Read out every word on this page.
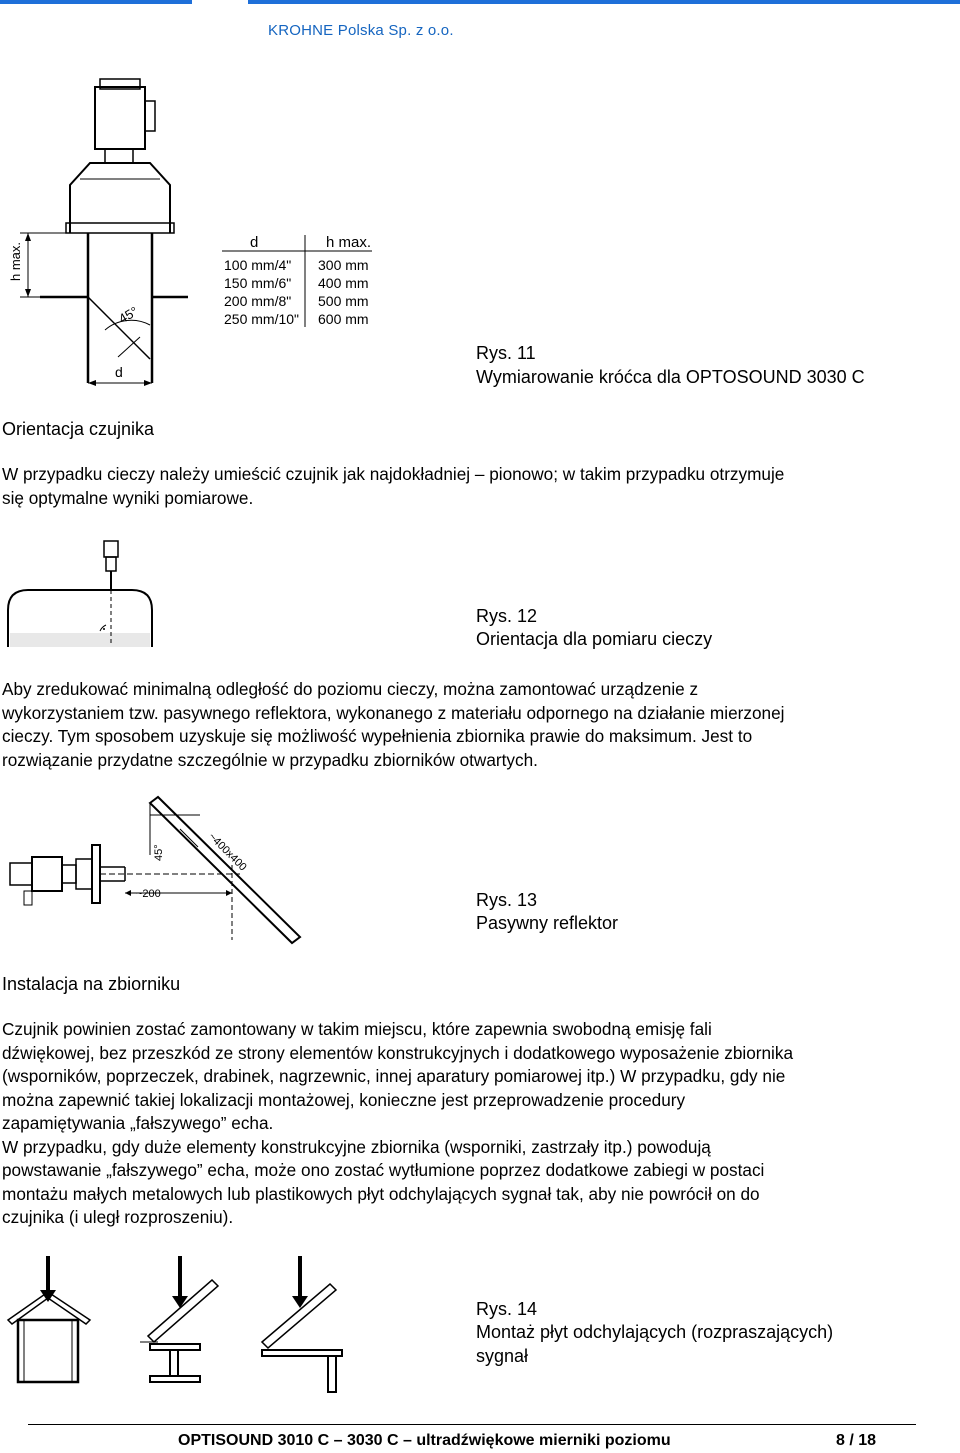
KROHNE Polska Sp. z o.o.
h max.
d
45°
d	h max.
100 mm/4" 300 mm
150 mm/6" 400 mm
200 mm/8" 500 mm
250 mm/10" 600 mm
Rys. 11
Wymiarowanie króćca dla OPTOSOUND 3030 C
Orientacja czujnika
W przypadku cieczy należy umieścić czujnik jak najdokładniej – pionowo; w takim przypadku otrzymuje
się optymalne wyniki pomiarowe.
Rys. 12
Orientacja dla pomiaru cieczy
Aby zredukować minimalną odległość do poziomu cieczy, można zamontować urządzenie z
wykorzystaniem tzw. pasywnego reflektora, wykonanego z materiału odpornego na działanie mierzonej
cieczy. Tym sposobem uzyskuje się możliwość wypełnienia zbiornika prawie do maksimum. Jest to
rozwiązanie przydatne szczególnie w przypadku zbiorników otwartych.
~200
45°	~400x400
Rys. 13
Pasywny reflektor
Instalacja na zbiorniku
Czujnik powinien zostać zamontowany w takim miejscu, które zapewnia swobodną emisję fali
dźwiękowej, bez przeszkód ze strony elementów konstrukcyjnych i dodatkowego wyposażenie zbiornika
(wsporników, poprzeczek, drabinek, nagrzewnic, innej aparatury pomiarowej itp.) W przypadku, gdy nie
można zapewnić takiej lokalizacji montażowej, konieczne jest przeprowadzenie procedury
zapamiętywania „fałszywego” echa.
W przypadku, gdy duże elementy konstrukcyjne zbiornika (wsporniki, zastrzały itp.) powodują
powstawanie „fałszywego” echa, może ono zostać wytłumione poprzez dodatkowe zabiegi w postaci
montażu małych metalowych lub plastikowych płyt odchylających sygnał tak, aby nie powrócił on do
czujnika (i uległ rozproszeniu).
Rys. 14
Montaż płyt odchylających (rozpraszających)
sygnał
OPTISOUND 3010 C – 3030 C – ultradźwiękowe mierniki poziomu	8 / 18
